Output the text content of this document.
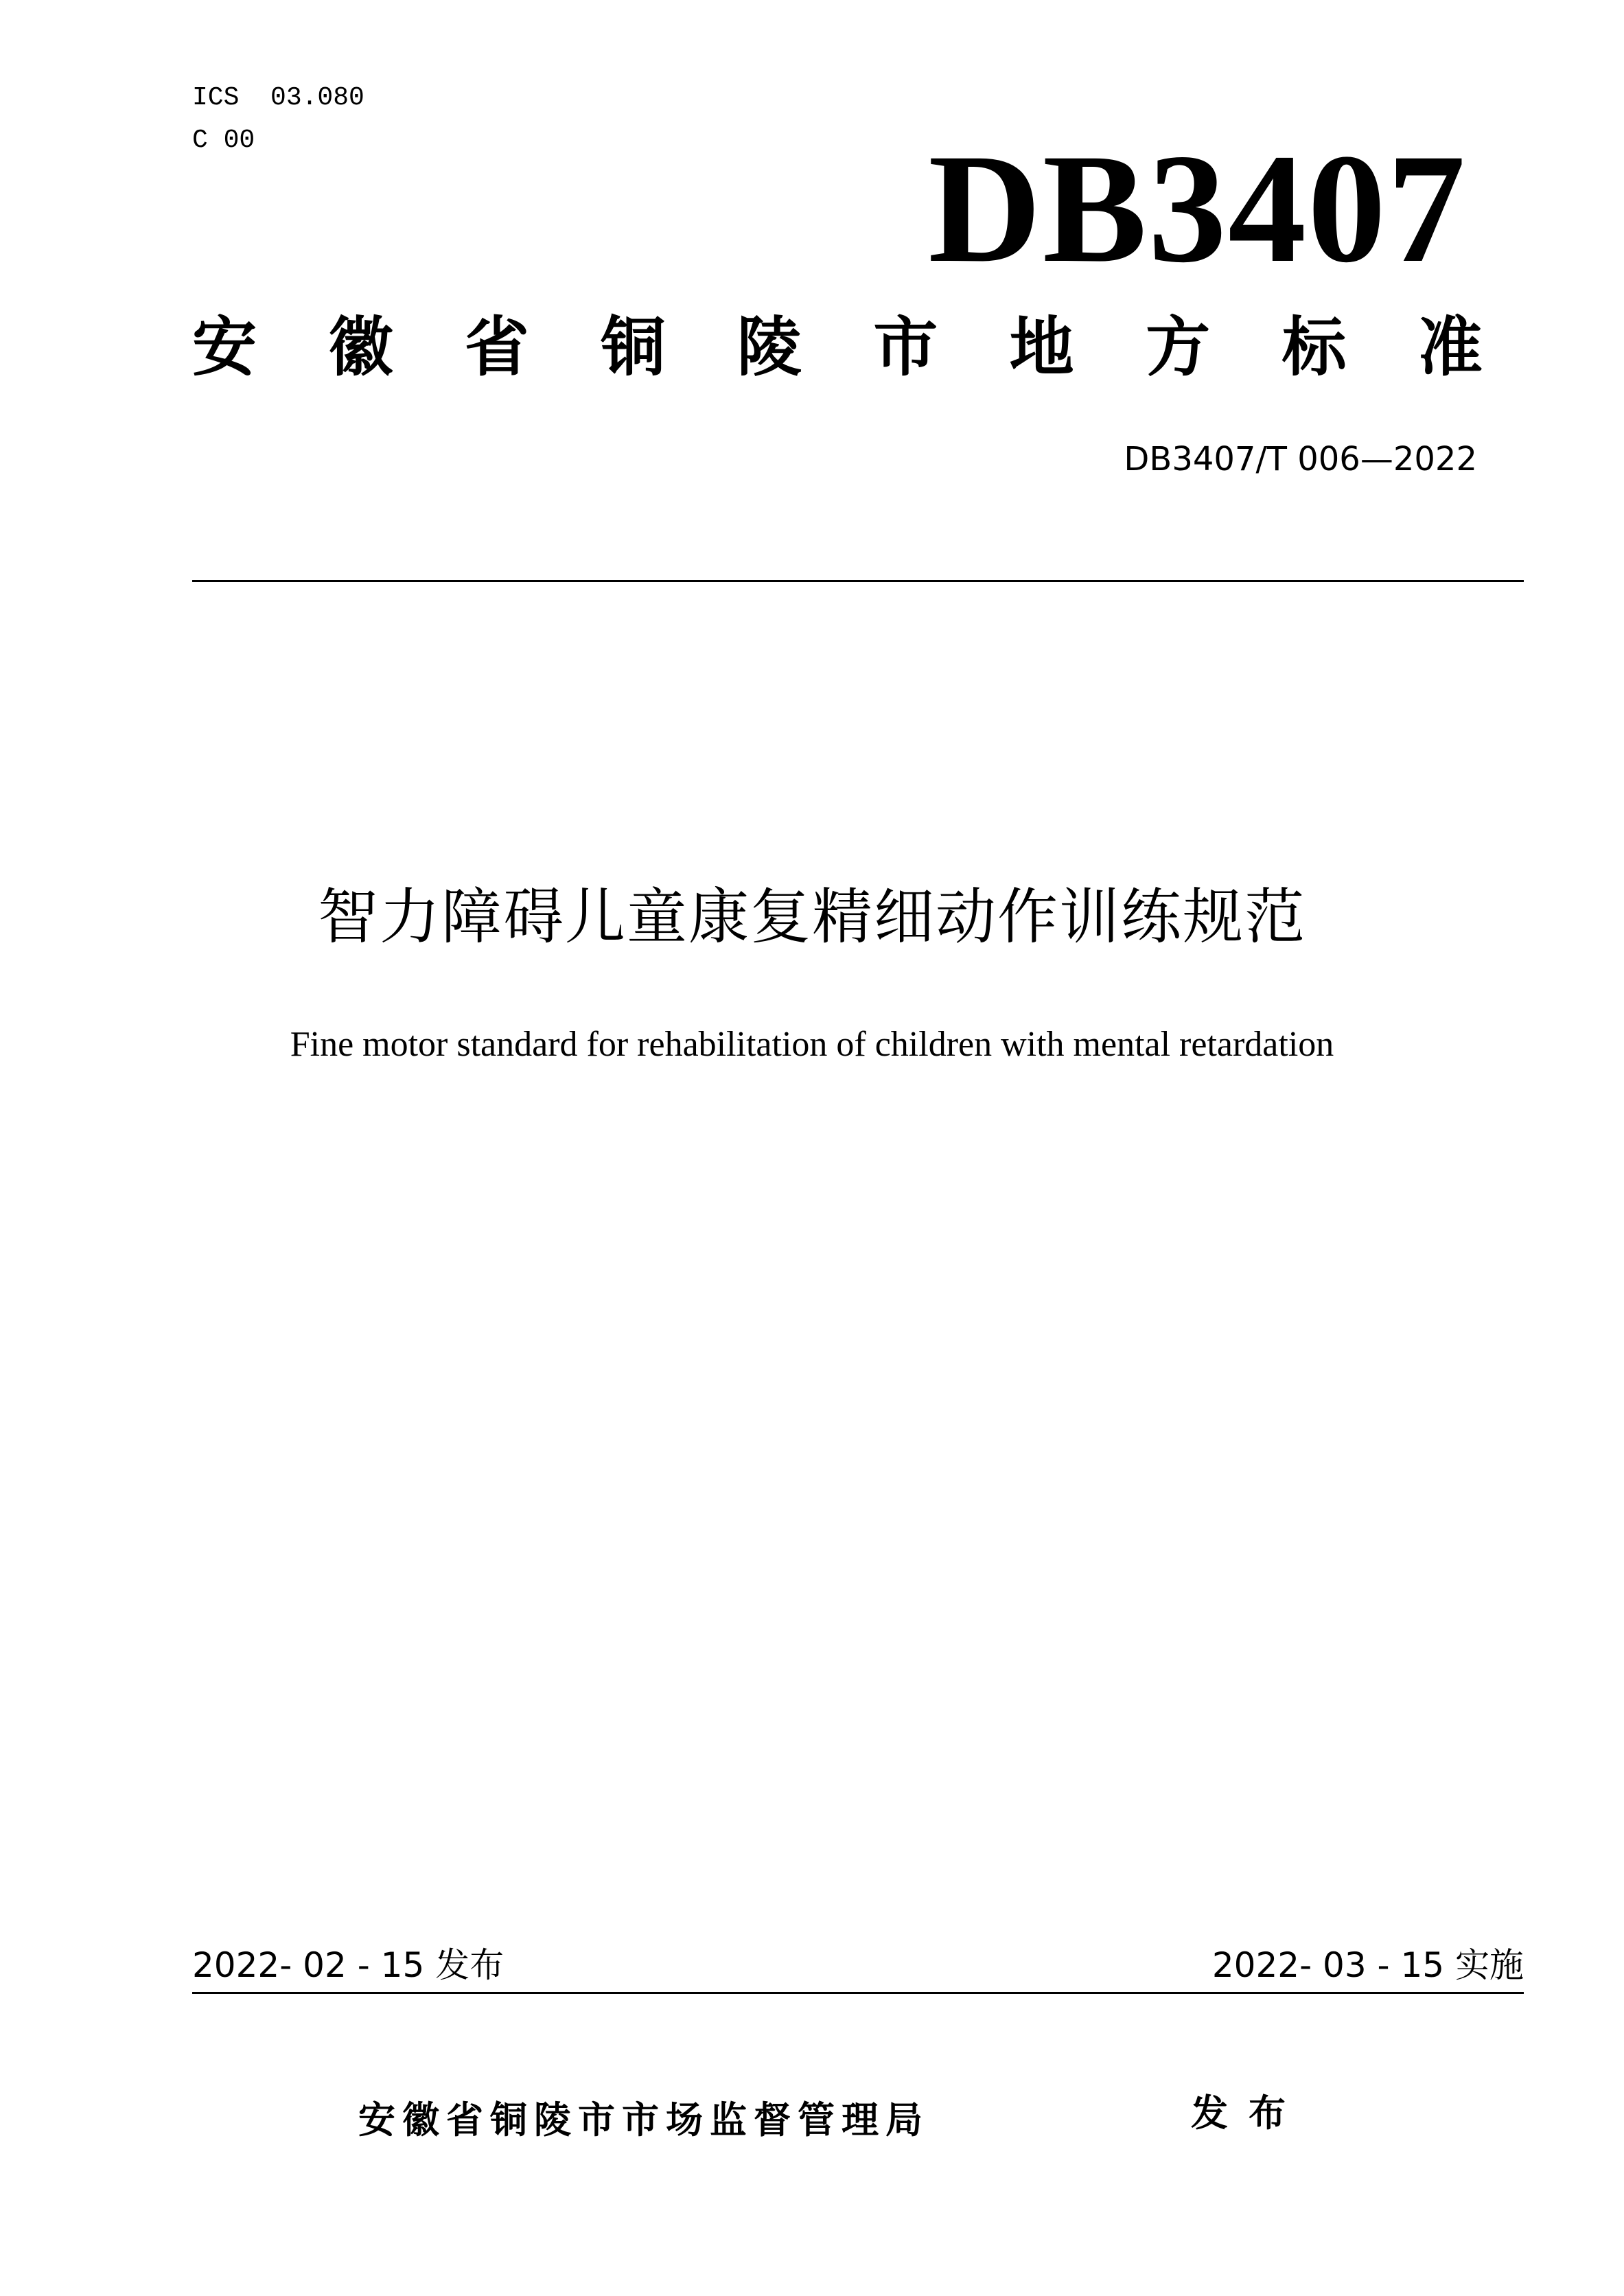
ICS  03.080
C 00	DB3407
安 徽 省 铜 陵 市 地 方 标 准
DB3407/T 006—2022
智力障碍儿童康复精细动作训练规范
Fine motor standard for rehabilitation of children with mental retardation
2022- 02 - 15 发布	2022- 03 - 15 实施
安徽省铜陵市市场监督管理局	发布
